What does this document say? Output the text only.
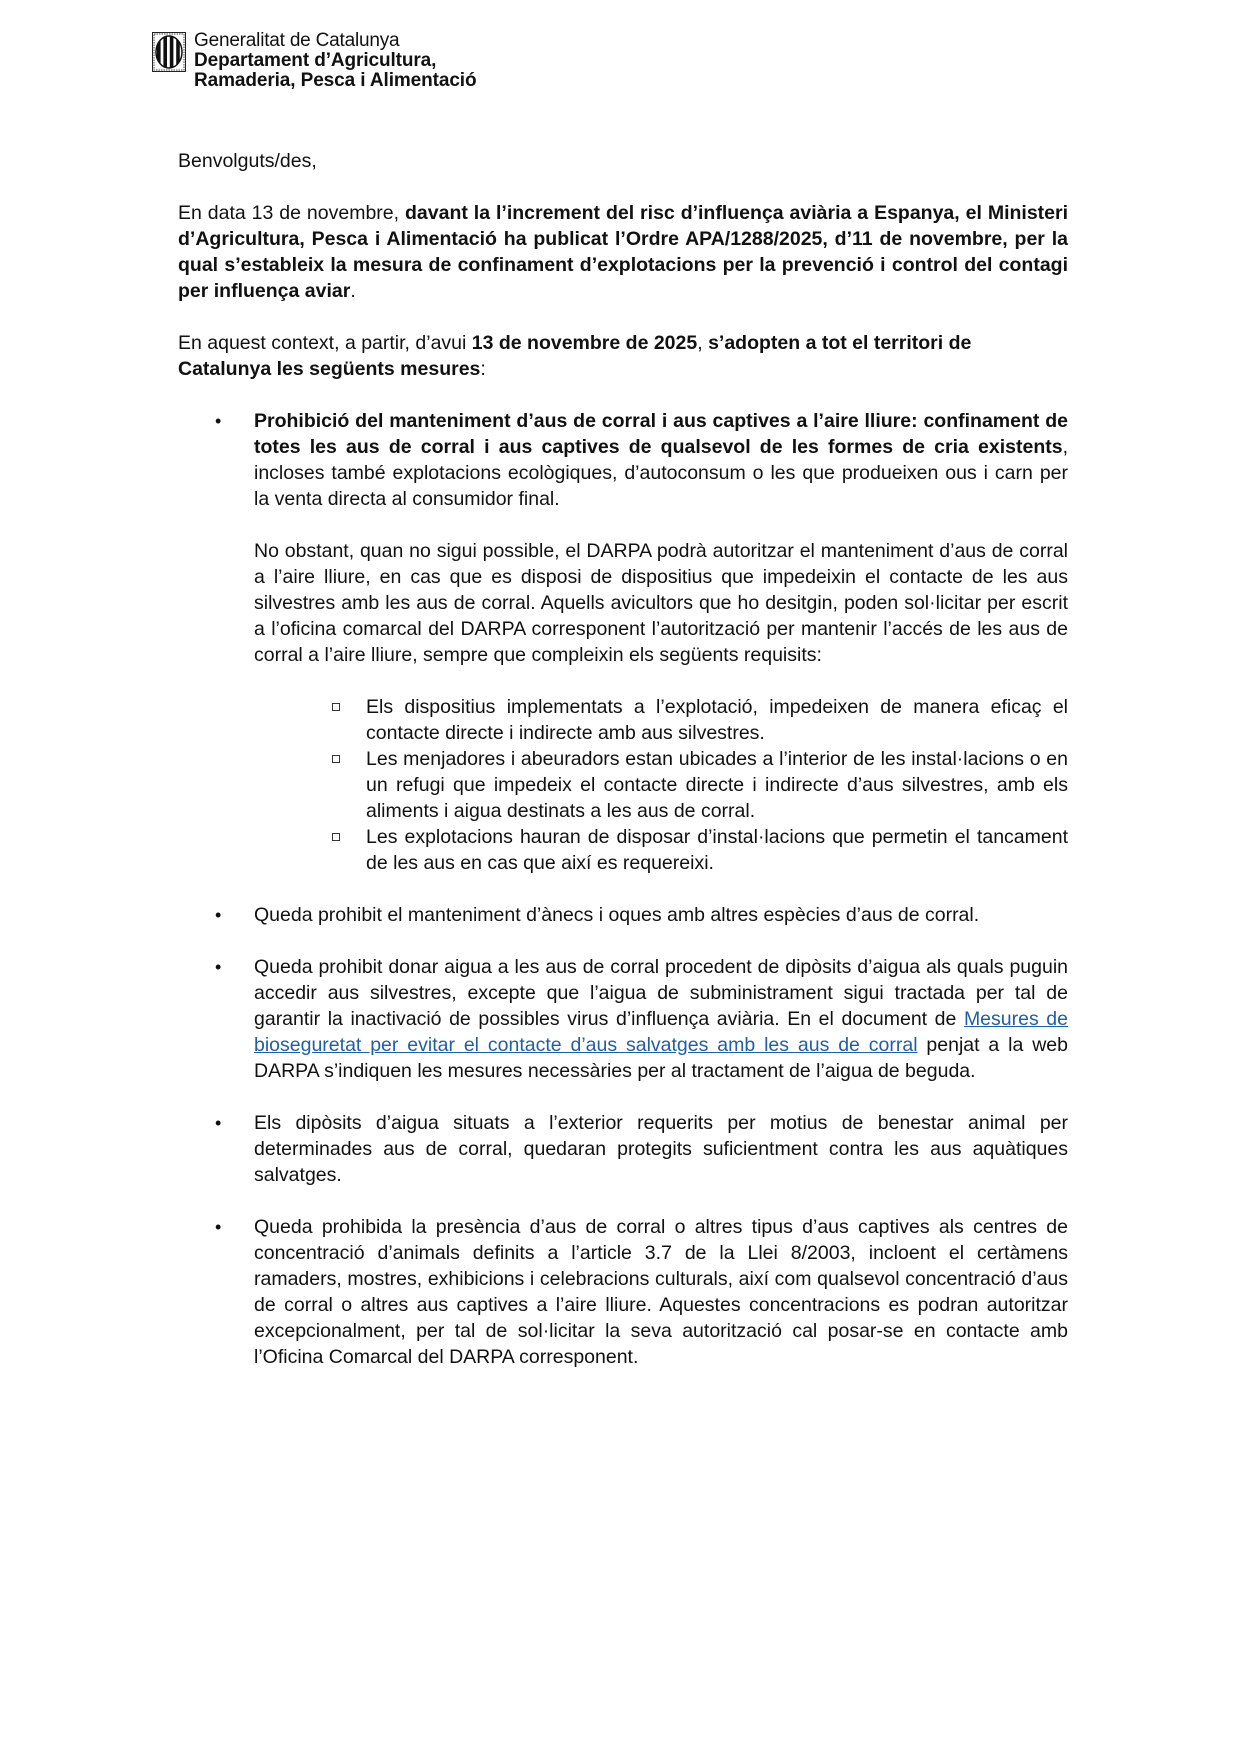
Generalitat de Catalunya
Departament d’Agricultura,
Ramaderia, Pesca i Alimentació

Benvolguts/des,

En data 13 de novembre, davant la l’increment del risc d’influença aviària a Espanya, el Ministeri d’Agricultura, Pesca i Alimentació ha publicat l’Ordre APA/1288/2025, d’11 de novembre, per la qual s’estableix la mesura de confinament d’explotacions per la prevenció i control del contagi per influença aviar.

En aquest context, a partir, d’avui 13 de novembre de 2025, s’adopten a tot el territori de Catalunya les següents mesures:

• Prohibició del manteniment d’aus de corral i aus captives a l’aire lliure: confinament de totes les aus de corral i aus captives de qualsevol de les formes de cria existents, incloses també explotacions ecològiques, d’autoconsum o les que produeixen ous i carn per la venta directa al consumidor final.

No obstant, quan no sigui possible, el DARPA podrà autoritzar el manteniment d’aus de corral a l’aire lliure, en cas que es disposi de dispositius que impedeixin el contacte de les aus silvestres amb les aus de corral. Aquells avicultors que ho desitgin, poden sol·licitar per escrit a l’oficina comarcal del DARPA corresponent l’autorització per mantenir l’accés de les aus de corral a l’aire lliure, sempre que compleixin els següents requisits:

Els dispositius implementats a l’explotació, impedeixen de manera eficaç el contacte directe i indirecte amb aus silvestres.

Les menjadores i abeuradors estan ubicades a l’interior de les instal·lacions o en un refugi que impedeix el contacte directe i indirecte d’aus silvestres, amb els aliments i aigua destinats a les aus de corral.

Les explotacions hauran de disposar d’instal·lacions que permetin el tancament de les aus en cas que així es requereixi.

• Queda prohibit el manteniment d’ànecs i oques amb altres espècies d’aus de corral.

• Queda prohibit donar aigua a les aus de corral procedent de dipòsits d’aigua als quals puguin accedir aus silvestres, excepte que l’aigua de subministrament sigui tractada per tal de garantir la inactivació de possibles virus d’influença aviària. En el document de Mesures de bioseguretat per evitar el contacte d’aus salvatges amb les aus de corral penjat a la web DARPA s’indiquen les mesures necessàries per al tractament de l’aigua de beguda.

• Els dipòsits d’aigua situats a l’exterior requerits per motius de benestar animal per determinades aus de corral, quedaran protegits suficientment contra les aus aquàtiques salvatges.

• Queda prohibida la presència d’aus de corral o altres tipus d’aus captives als centres de concentració d’animals definits a l’article 3.7 de la Llei 8/2003, incloent el certàmens ramaders, mostres, exhibicions i celebracions culturals, així com qualsevol concentració d’aus de corral o altres aus captives a l’aire lliure. Aquestes concentracions es podran autoritzar excepcionalment, per tal de sol·licitar la seva autorització cal posar-se en contacte amb l’Oficina Comarcal del DARPA corresponent.
